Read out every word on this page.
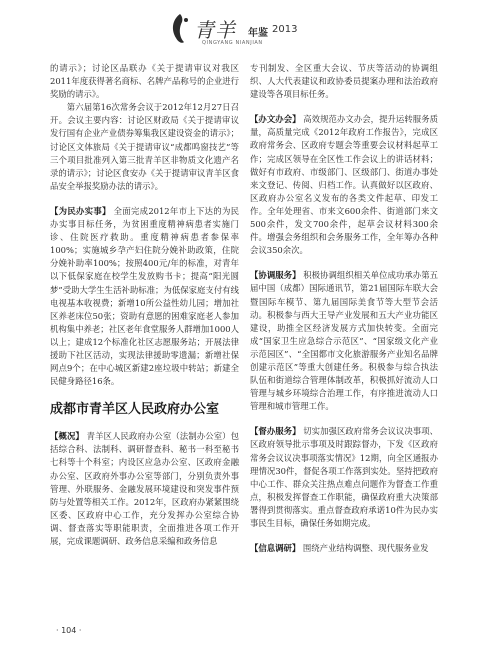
青羊 年鉴 2013
QINGYANG NIANJIAN

的请示》；讨论区品联办《关于提请审议对我区2011年度获得著名商标、名牌产品称号的企业进行奖励的请示》。

第六届第16次常务会议于2012年12月27日召开。会议主要内容：讨论区财政局《关于提请审议发行国有企业产业债券筹集我区建设资金的请示》；讨论区文体旅局《关于提请审议“成都鸣窗技艺”等三个项目批准列入第三批青羊区非物质文化遗产名录的请示》；讨论区食安办《关于提请审议青羊区食品安全举报奖励办法的请示》。

【为民办实事】 全面完成2012年市上下达的为民办实事目标任务，为贫困重度精神病患者实施门诊、住院医疗救助。重度精神病患者参保率100%；实施城乡孕产妇住院分娩补助政策，住院分娩补助率100%；按照400元/年的标准，对青年以下低保家庭在校学生发放购书卡；提高“阳光圆梦”受助大学生生活补助标准；为低保家庭支付有线电视基本收视费；新增10所公益性幼儿园；增加社区养老床位50张；资助有意愿的困难家庭老人参加机构集中养老；社区老年食堂服务人群增加1000人以上；建成12个标准化社区志愿服务站；开展法律援助下社区活动，实现法律援助零遗漏；新增社保网点9个；在中心城区新建2座垃圾中转站；新建全民健身路径16条。

成都市青羊区人民政府办公室

【概况】 青羊区人民政府办公室（法制办公室）包括综合科、法制科、调研督查科、秘书一科至秘书七科等十个科室；内设区应急办公室、区政府金融办公室、区政府外事办公室等部门，分别负责外事管理、外联服务、金融发展环境建设和突发事件预防与处置等相关工作。2012年，区政府办紧紧围绕区委、区政府中心工作，充分发挥办公室综合协调、督查落实等职能职责，全面推进各项工作开展，完成课题调研、政务信息采编和政务信息

专刊制发、全区重大会议、节庆等活动的协调组织、人大代表建议和政协委员提案办理和法治政府建设等各项目标任务。

【办文办会】 高效规范办文办会，提升运转服务质量，高质量完成《2012年政府工作报告》，完成区政府常务会、区政府专题会等重要会议材料起草工作；完成区领导在全区性工作会议上的讲话材料；做好有市政府、市级部门、区级部门、街道办事处来文登记、传阅、归档工作。认真做好以区政府、区政府办公室名义发布的各类文件起草、印发工作。全年处理省、市来文600余件、街道部门来文500余件，发文700余件，起草会议材料300余件。增强会务组织和会务服务工作，全年筹办各种会议350余次。

【协调服务】 积极协调组织相关单位成功承办第五届中国（成都）国际通讯节，第21届国际车联大会暨国际车模节、第九届国际美食节等大型节会活动。积极参与西大王导产业发展和五大产业功能区建设，助推全区经济发展方式加快转变。全面完成“国家卫生应急综合示范区”、“国家级文化产业示范园区”、“全国都市文化旅游服务产业知名品牌创建示范区”等重大创建任务。积极参与综合执法队伍和街道综合管理体制改革，积极抓好流动人口管理与城乡环境综合治理工作，有序推进流动人口管理和城市管理工作。

【督办服务】 切实加强区政府常务会议议决事项、区政府领导批示事项及时跟踪督办，下发《区政府常务会议议决事项落实情况》12期，向全区通报办理情况30件，督促各项工作落到实处。坚持把政府中心工作、群众关注热点难点问题作为督查工作重点，积极发挥督查工作职能，确保政府重大决策部署得到贯彻落实。重点督查政府承诺10件为民办实事民生目标，确保任务如期完成。

【信息调研】 围绕产业结构调整、现代服务业发

· 104 ·
